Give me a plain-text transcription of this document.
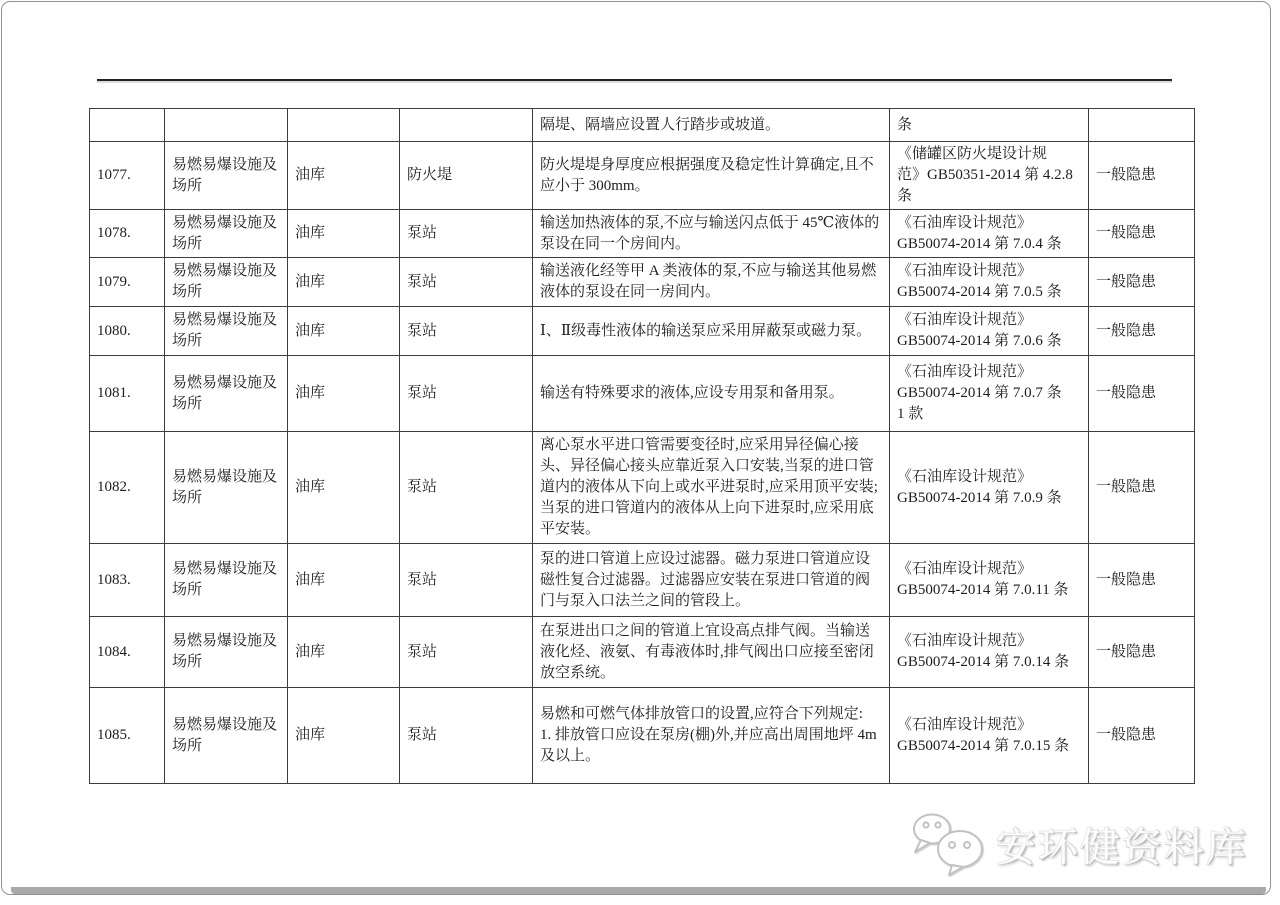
				隔堤、隔墙应设置人行踏步或坡道。	条	
1077.	易燃易爆设施及场所	油库	防火堤	防火堤堤身厚度应根据强度及稳定性计算确定,且不应小于 300mm。	《储罐区防火堤设计规
范》GB50351-2014 第 4.2.8
条	一般隐患
1078.	易燃易爆设施及场所	油库	泵站	输送加热液体的泵,不应与输送闪点低于 45℃液体的泵设在同一个房间内。	《石油库设计规范》
GB50074-2014 第 7.0.4 条	一般隐患
1079.	易燃易爆设施及场所	油库	泵站	输送液化经等甲 A 类液体的泵,不应与输送其他易燃液体的泵设在同一房间内。	《石油库设计规范》
GB50074-2014 第 7.0.5 条	一般隐患
1080.	易燃易爆设施及场所	油库	泵站	Ⅰ、Ⅱ级毒性液体的输送泵应采用屏蔽泵或磁力泵。	《石油库设计规范》
GB50074-2014 第 7.0.6 条	一般隐患
1081.	易燃易爆设施及场所	油库	泵站	输送有特殊要求的液体,应设专用泵和备用泵。	《石油库设计规范》
GB50074-2014 第 7.0.7 条
1 款	一般隐患
1082.	易燃易爆设施及场所	油库	泵站	离心泵水平进口管需要变径时,应采用异径偏心接头、异径偏心接头应靠近泵入口安装,当泵的进口管道内的液体从下向上或水平进泵时,应采用顶平安装;当泵的进口管道内的液体从上向下进泵时,应采用底平安装。	《石油库设计规范》
GB50074-2014 第 7.0.9 条	一般隐患
1083.	易燃易爆设施及场所	油库	泵站	泵的进口管道上应设过滤器。磁力泵进口管道应设磁性复合过滤器。过滤器应安装在泵进口管道的阀门与泵入口法兰之间的管段上。	《石油库设计规范》
GB50074-2014 第 7.0.11 条	一般隐患
1084.	易燃易爆设施及场所	油库	泵站	在泵进出口之间的管道上宜设高点排气阀。当输送液化烃、液氨、有毒液体时,排气阀出口应接至密闭放空系统。	《石油库设计规范》
GB50074-2014 第 7.0.14 条	一般隐患
1085.	易燃易爆设施及场所	油库	泵站	易燃和可燃气体排放管口的设置,应符合下列规定:
1. 排放管口应设在泵房(棚)外,并应高出周围地坪 4m 及以上。	《石油库设计规范》
GB50074-2014 第 7.0.15 条	一般隐患
安环健资料库
